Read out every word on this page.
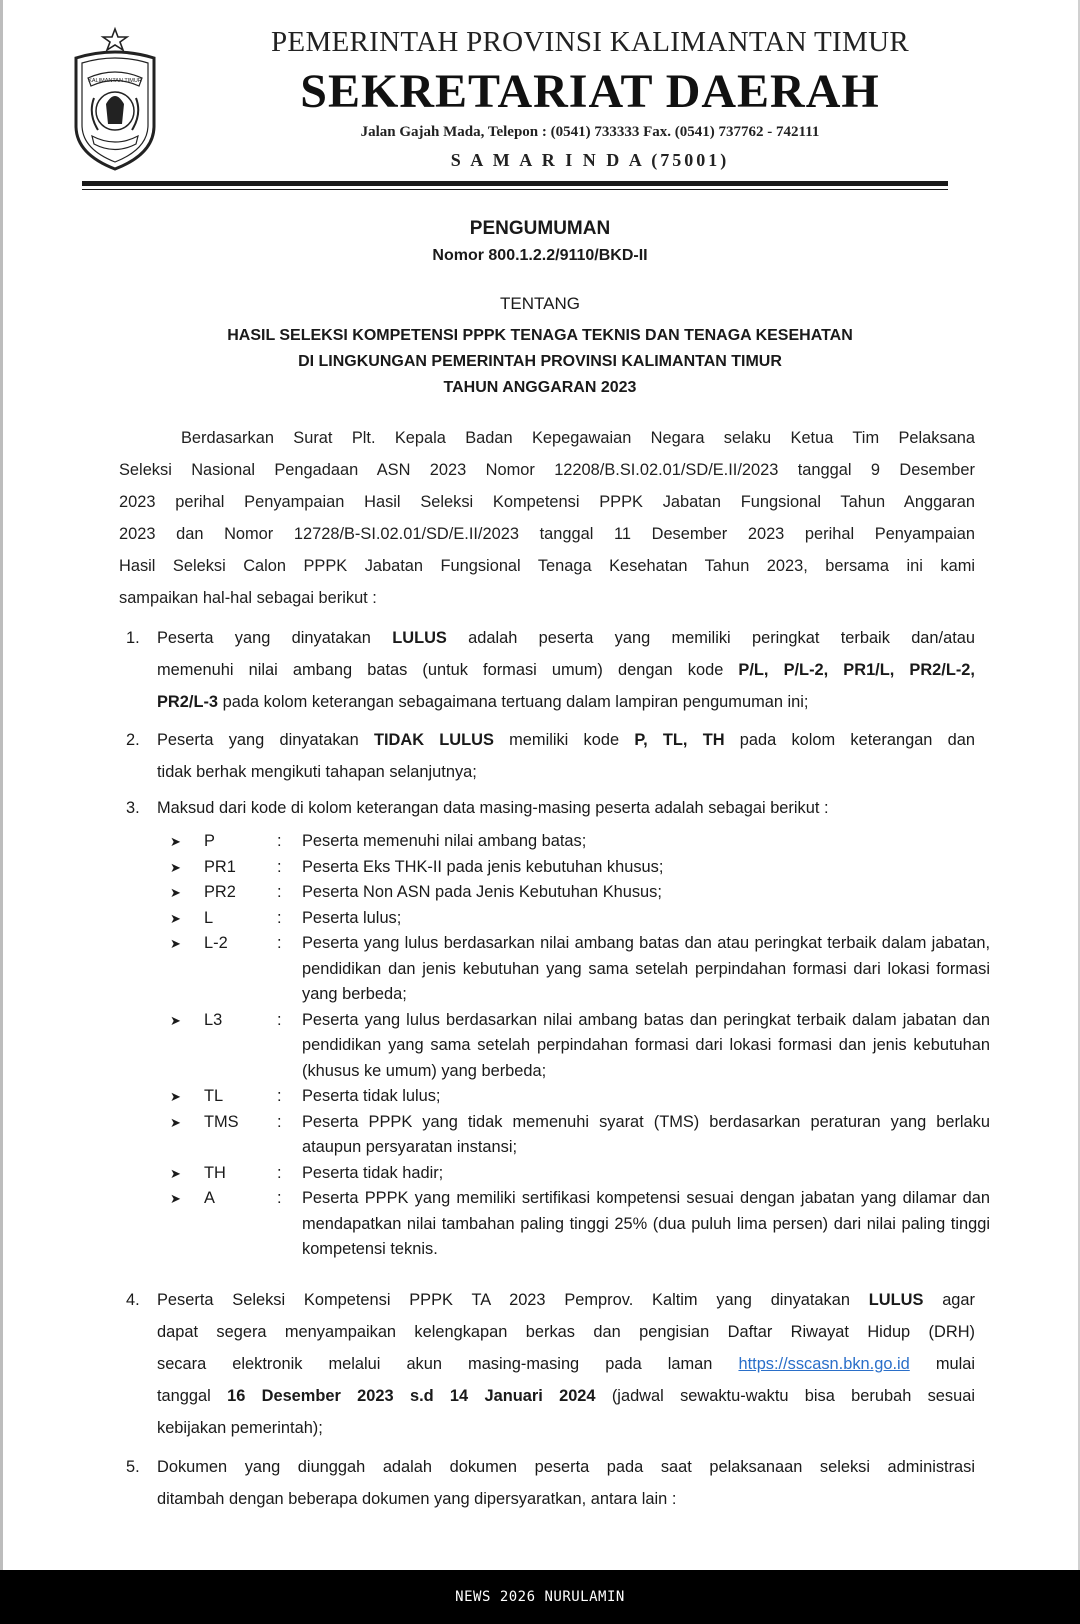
KALIMANTAN TIMUR
PEMERINTAH PROVINSI KALIMANTAN TIMUR
SEKRETARIAT DAERAH
Jalan Gajah Mada, Telepon : (0541) 733333 Fax. (0541) 737762 - 742111
S A M A R I N D A (75001)
PENGUMUMAN
Nomor 800.1.2.2/9110/BKD-II
TENTANG
HASIL SELEKSI KOMPETENSI PPPK TENAGA TEKNIS DAN TENAGA KESEHATAN
DI LINGKUNGAN PEMERINTAH PROVINSI KALIMANTAN TIMUR
TAHUN ANGGARAN 2023
Berdasarkan Surat Plt. Kepala Badan Kepegawaian Negara selaku Ketua Tim Pelaksana
Seleksi Nasional Pengadaan ASN 2023 Nomor 12208/B.SI.02.01/SD/E.II/2023 tanggal 9 Desember
2023 perihal Penyampaian Hasil Seleksi Kompetensi PPPK Jabatan Fungsional Tahun Anggaran
2023 dan Nomor 12728/B-SI.02.01/SD/E.II/2023 tanggal 11 Desember 2023 perihal Penyampaian
Hasil Seleksi Calon PPPK Jabatan Fungsional Tenaga Kesehatan Tahun 2023, bersama ini kami
sampaikan hal-hal sebagai berikut :
1. Peserta yang dinyatakan LULUS adalah peserta yang memiliki peringkat terbaik dan/atau
memenuhi nilai ambang batas (untuk formasi umum) dengan kode P/L, P/L-2, PR1/L, PR2/L-2,
PR2/L-3 pada kolom keterangan sebagaimana tertuang dalam lampiran pengumuman ini;
2. Peserta yang dinyatakan TIDAK LULUS memiliki kode P, TL, TH pada kolom keterangan dan
tidak berhak mengikuti tahapan selanjutnya;
3. Maksud dari kode di kolom keterangan data masing-masing peserta adalah sebagai berikut :
➤	P	: Peserta memenuhi nilai ambang batas;
➤	PR1	: Peserta Eks THK-II pada jenis kebutuhan khusus;
➤	PR2	: Peserta Non ASN pada Jenis Kebutuhan Khusus;
➤	L	: Peserta lulus;
➤	L-2	: Peserta yang lulus berdasarkan nilai ambang batas dan atau peringkat terbaik dalam jabatan, pendidikan dan jenis kebutuhan yang sama setelah perpindahan formasi dari lokasi formasi yang berbeda;
➤	L3	: Peserta yang lulus berdasarkan nilai ambang batas dan peringkat terbaik dalam jabatan dan pendidikan yang sama setelah perpindahan formasi dari lokasi formasi dan jenis kebutuhan (khusus ke umum) yang berbeda;
➤	TL	: Peserta tidak lulus;
➤	TMS : Peserta PPPK yang tidak memenuhi syarat (TMS) berdasarkan peraturan yang berlaku ataupun persyaratan instansi;
➤	TH	: Peserta tidak hadir;
➤	A	: Peserta PPPK yang memiliki sertifikasi kompetensi sesuai dengan jabatan yang dilamar dan mendapatkan nilai tambahan paling tinggi 25% (dua puluh lima persen) dari nilai paling tinggi kompetensi teknis.
4. Peserta Seleksi Kompetensi PPPK TA 2023 Pemprov. Kaltim yang dinyatakan LULUS agar
dapat segera menyampaikan kelengkapan berkas dan pengisian Daftar Riwayat Hidup (DRH)
secara elektronik melalui akun masing-masing pada laman https://sscasn.bkn.go.id mulai
tanggal 16 Desember 2023 s.d 14 Januari 2024 (jadwal sewaktu-waktu bisa berubah sesuai
kebijakan pemerintah);
5. Dokumen yang diunggah adalah dokumen peserta pada saat pelaksanaan seleksi administrasi
ditambah dengan beberapa dokumen yang dipersyaratkan, antara lain :
NEWS 2026 NURULAMIN
